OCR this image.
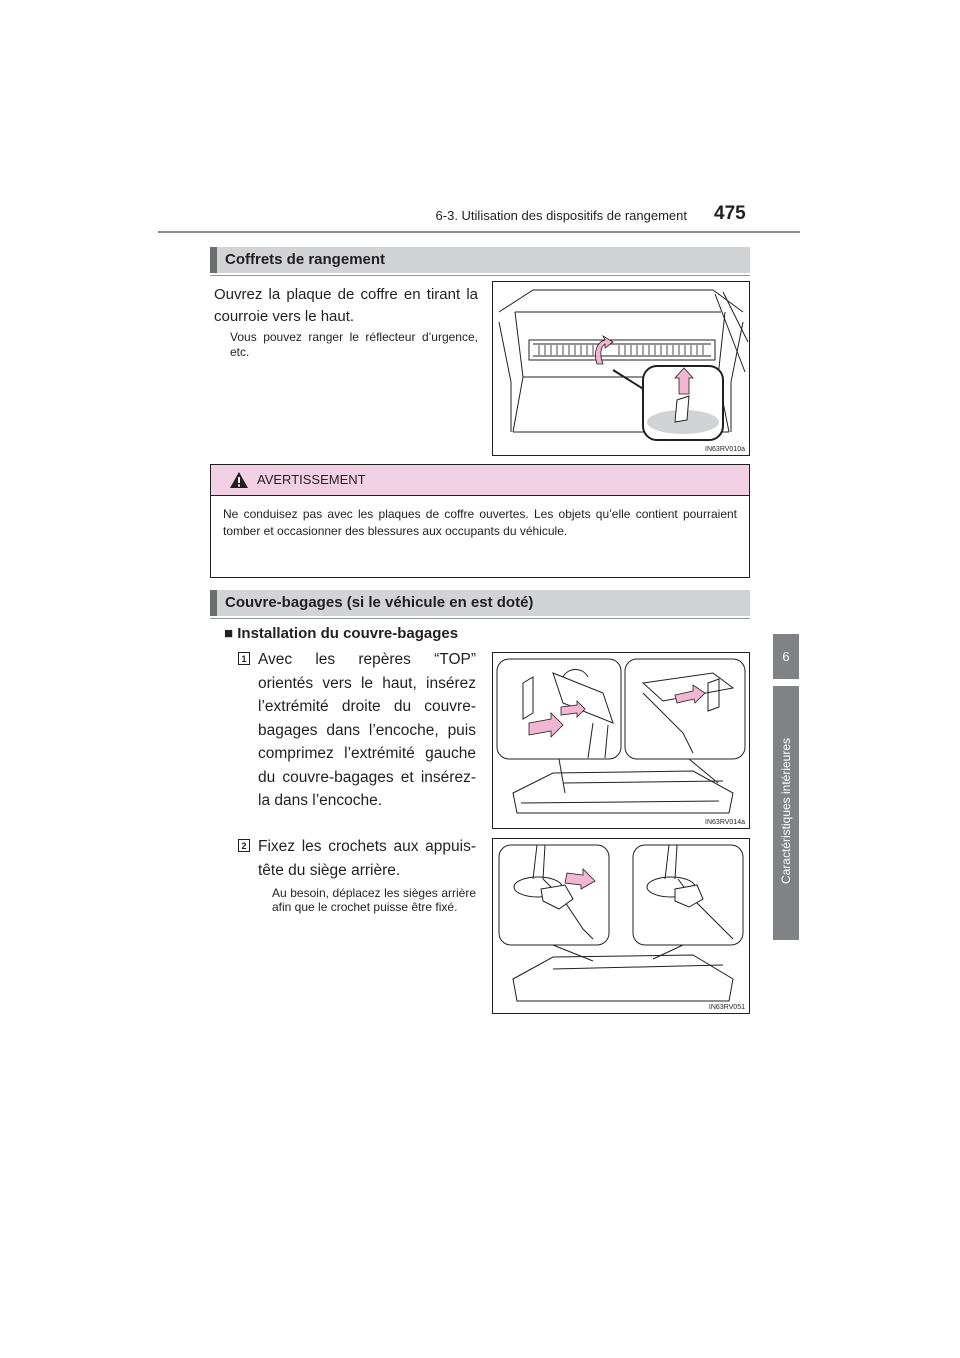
6-3. Utilisation des dispositifs de rangement 475
6
Caractéristiques intérieures
Coffrets de rangement
Ouvrez la plaque de coffre en tirant la courroie vers le haut.
Vous pouvez ranger le réflecteur d’urgence, etc.
IN63RV010a
AVERTISSEMENT
Ne conduisez pas avec les plaques de coffre ouvertes. Les objets qu’elle contient pourraient tomber et occasionner des blessures aux occupants du véhicule.
Couvre-bagages (si le véhicule en est doté)
■ Installation du couvre-bagages
1 Avec les repères “TOP” orientés vers le haut, insérez l’extrémité droite du couvre-bagages dans l’encoche, puis comprimez l’extrémité gauche du couvre-bagages et insérez-la dans l’encoche.
IN63RV014a
2 Fixez les crochets aux appuis-tête du siège arrière.
Au besoin, déplacez les sièges arrière afin que le crochet puisse être fixé.
IN63RV051
